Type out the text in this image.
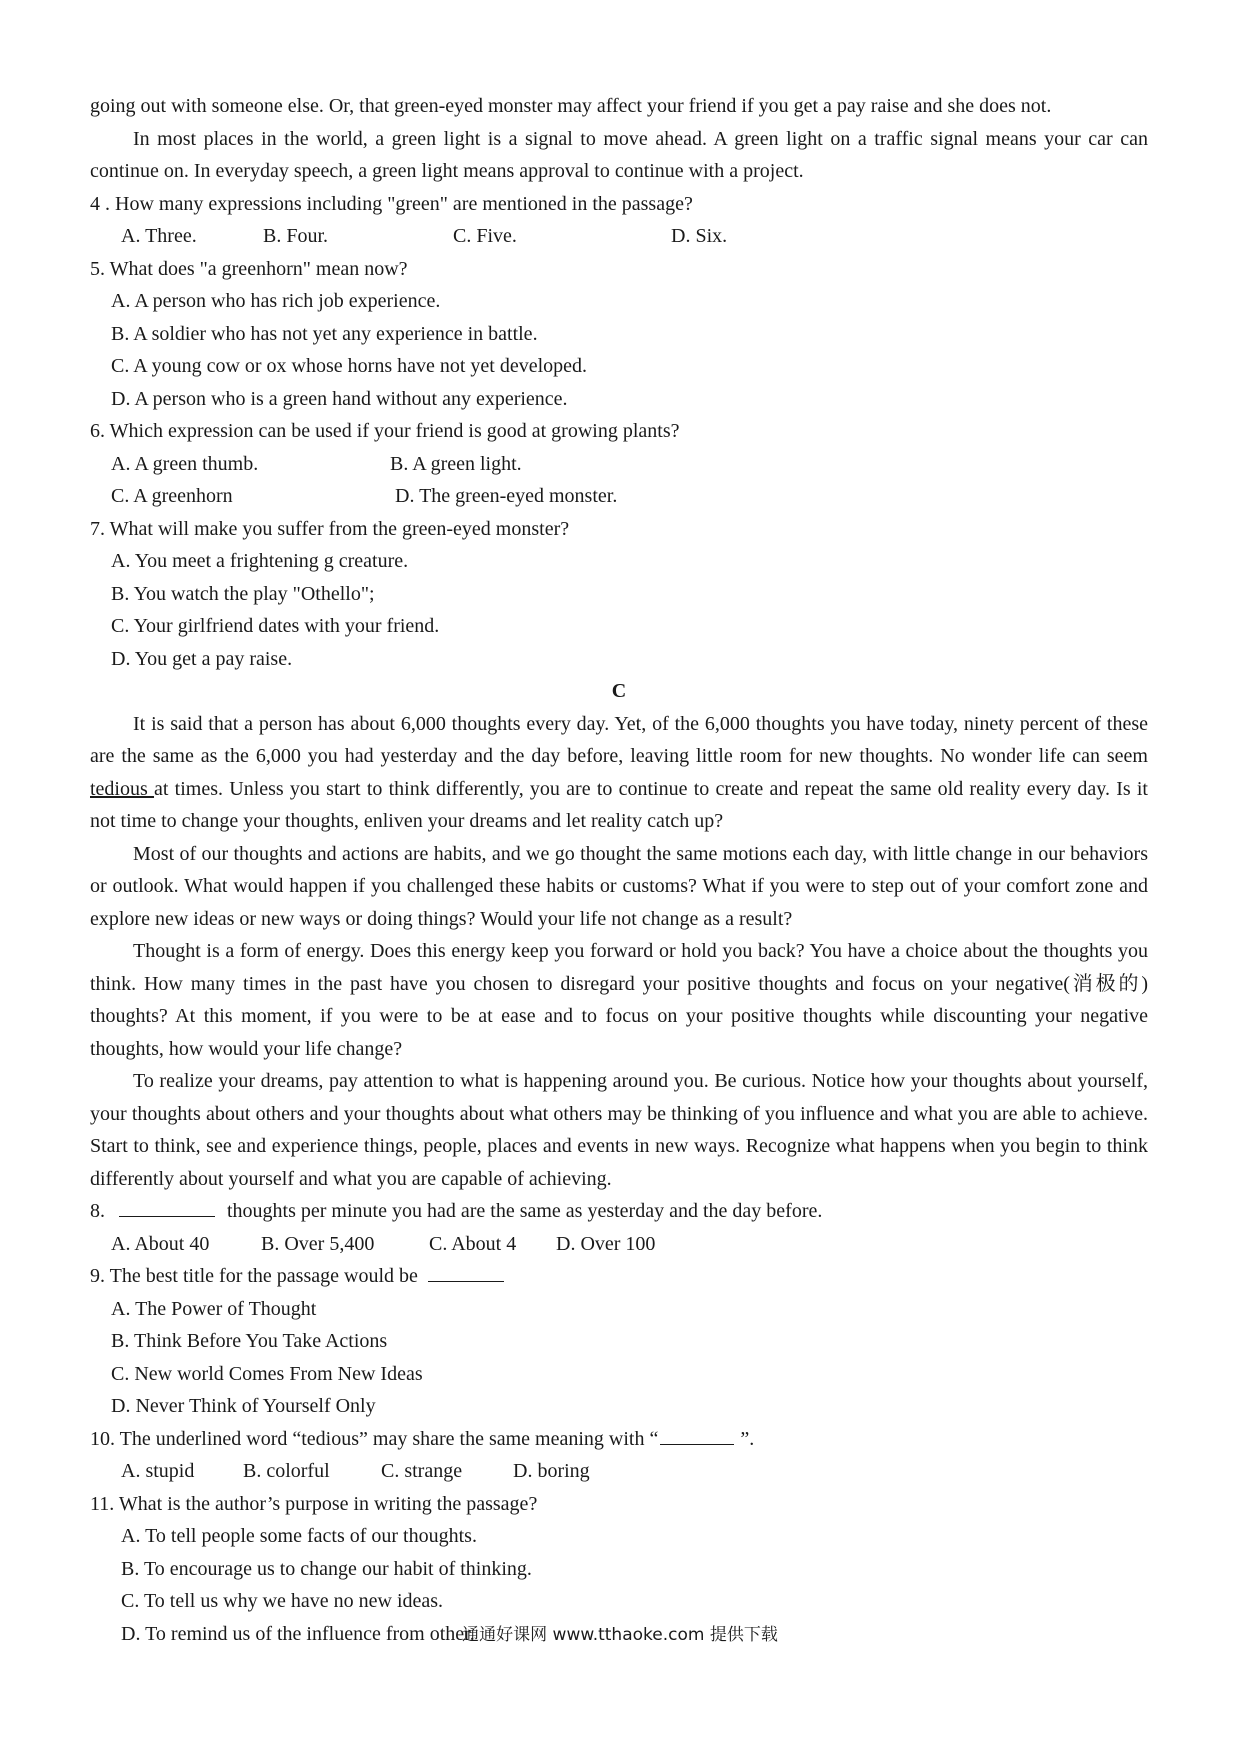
going out with someone else. Or, that green-eyed monster may affect your friend if you get a pay raise and she does not.
In most places in the world, a green light is a signal to move ahead. A green light on a traffic signal means your car can continue on. In everyday speech, a green light means approval to continue with a project.
4 . How many expressions including "green" are mentioned in the passage?
A. Three.	B. Four.	C. Five.	D. Six.
5. What does "a greenhorn" mean now?
A. A person who has rich job experience.
B. A soldier who has not yet any experience in battle.
C. A young cow or ox whose horns have not yet developed.
D. A person who is a green hand without any experience.
6. Which expression can be used if your friend is good at growing plants?
A. A green thumb.	B. A green light.
C. A greenhorn	D. The green-eyed monster.
7. What will make you suffer from the green-eyed monster?
A. You meet a frightening g creature.
B. You watch the play "Othello";
C. Your girlfriend dates with your friend.
D. You get a pay raise.
C
It is said that a person has about 6,000 thoughts every day. Yet, of the 6,000 thoughts you have today, ninety percent of these are the same as the 6,000 you had yesterday and the day before, leaving little room for new thoughts. No wonder life can seem tedious at times. Unless you start to think differently, you are to continue to create and repeat the same old reality every day. Is it not time to change your thoughts, enliven your dreams and let reality catch up?
Most of our thoughts and actions are habits, and we go thought the same motions each day, with little change in our behaviors or outlook. What would happen if you challenged these habits or customs? What if you were to step out of your comfort zone and explore new ideas or new ways or doing things? Would your life not change as a result?
Thought is a form of energy. Does this energy keep you forward or hold you back? You have a choice about the thoughts you think. How many times in the past have you chosen to disregard your positive thoughts and focus on your negative(消极的) thoughts? At this moment, if you were to be at ease and to focus on your positive thoughts while discounting your negative thoughts, how would your life change?
To realize your dreams, pay attention to what is happening around you. Be curious. Notice how your thoughts about yourself, your thoughts about others and your thoughts about what others may be thinking of you influence and what you are able to achieve. Start to think, see and experience things, people, places and events in new ways. Recognize what happens when you begin to think differently about yourself and what you are capable of achieving.
8.	thoughts per minute you had are the same as yesterday and the day before.
A. About 40	B. Over 5,400	C. About 4	D. Over 100
9. The best title for the passage would be
A. The Power of Thought
B. Think Before You Take Actions
C. New world Comes From New Ideas
D. Never Think of Yourself Only
10. The underlined word “tedious” may share the same meaning with “	”.
A. stupid	B. colorful	C. strange	D. boring
11. What is the author’s purpose in writing the passage?
A. To tell people some facts of our thoughts.
B. To encourage us to change our habit of thinking.
C. To tell us why we have no new ideas.
D. To remind us of the influence from other.
通通好课网 www.tthaoke.com 提供下载
